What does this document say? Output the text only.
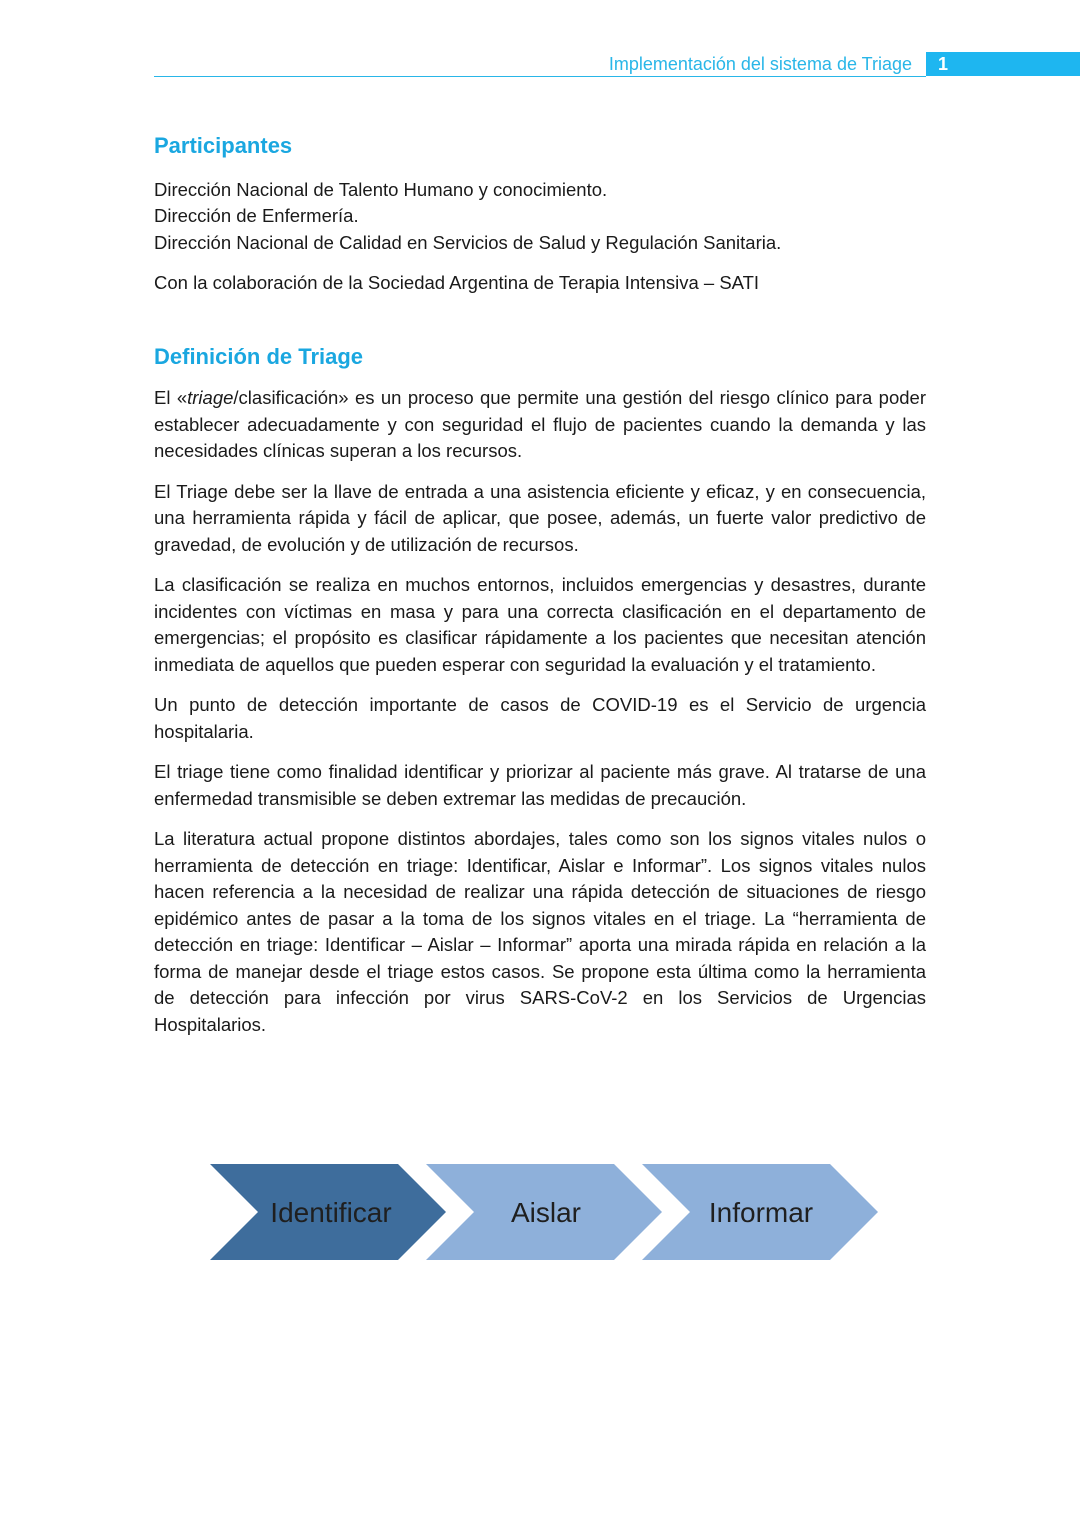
Implementación del sistema de Triage 1
Participantes

Dirección Nacional de Talento Humano y conocimiento.

Dirección de Enfermería.

Dirección Nacional de Calidad en Servicios de Salud y Regulación Sanitaria.

Con la colaboración de la Sociedad Argentina de Terapia Intensiva – SATI

Definición de Triage

El «triage/clasificación» es un proceso que permite una gestión del riesgo clínico para poder establecer adecuadamente y con seguridad el flujo de pacientes cuando la demanda y las necesidades clínicas superan a los recursos.

El Triage debe ser la llave de entrada a una asistencia eficiente y eficaz, y en consecuencia, una herramienta rápida y fácil de aplicar, que posee, además, un fuerte valor predictivo de gravedad, de evolución y de utilización de recursos.

La clasificación se realiza en muchos entornos, incluidos emergencias y desastres, durante incidentes con víctimas en masa y para una correcta clasificación en el departamento de emergencias; el propósito es clasificar rápidamente a los pacientes que necesitan atención inmediata de aquellos que pueden esperar con seguridad la evaluación y el tratamiento.

Un punto de detección importante de casos de COVID-19 es el Servicio de urgencia hospitalaria.

El triage tiene como finalidad identificar y priorizar al paciente más grave. Al tratarse de una enfermedad transmisible se deben extremar las medidas de precaución.

La literatura actual propone distintos abordajes, tales como son los signos vitales nulos o herramienta de detección en triage: Identificar, Aislar e Informar”. Los signos vitales nulos hacen referencia a la necesidad de realizar una rápida detección de situaciones de riesgo epidémico antes de pasar a la toma de los signos vitales en el triage. La “herramienta de detección en triage: Identificar – Aislar – Informar” aporta una mirada rápida en relación a la forma de manejar desde el triage estos casos. Se propone esta última como la herramienta de detección para infección por virus SARS-CoV-2 en los Servicios de Urgencias Hospitalarios.

Identificar	Aislar	Informar
